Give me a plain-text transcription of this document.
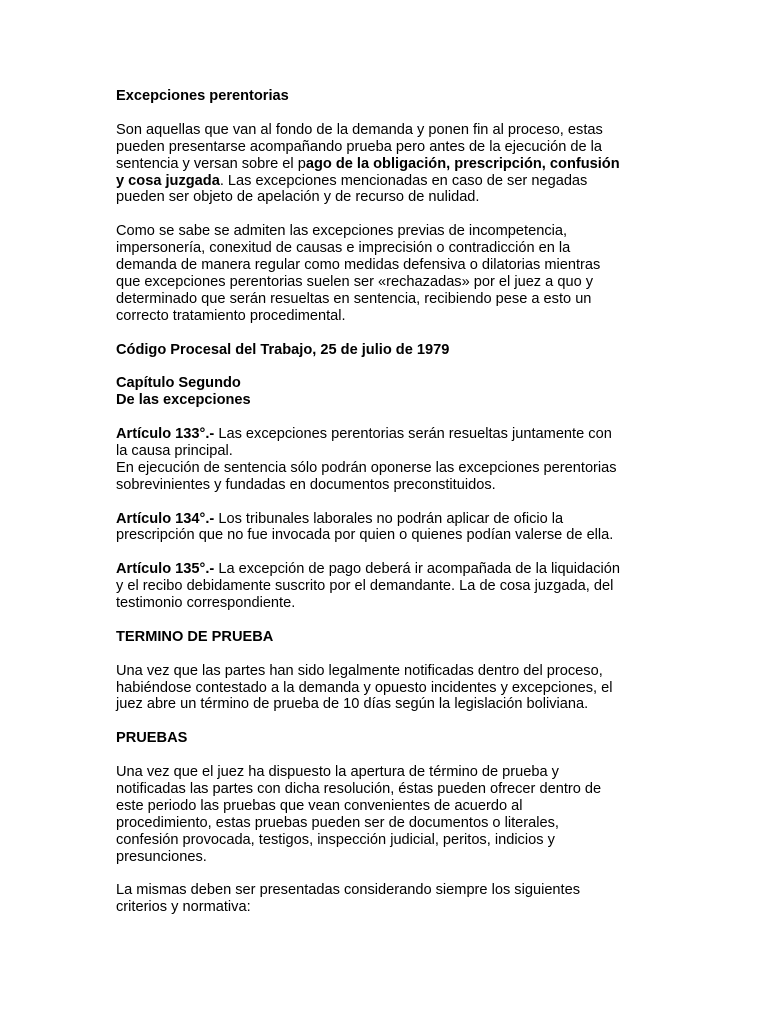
Excepciones perentorias
Son aquellas que van al fondo de la demanda y ponen fin al proceso, estas
pueden presentarse acompañando prueba pero antes de la ejecución de la
sentencia y versan sobre el pago de la obligación, prescripción, confusión
y cosa juzgada. Las excepciones mencionadas en caso de ser negadas
pueden ser objeto de apelación y de recurso de nulidad.
Como se sabe se admiten las excepciones previas de incompetencia,
impersonería, conexitud de causas e imprecisión o contradicción en la
demanda de manera regular como medidas defensiva o dilatorias mientras
que excepciones perentorias suelen ser «rechazadas» por el juez a quo y
determinado que serán resueltas en sentencia, recibiendo pese a esto un
correcto tratamiento procedimental.
Código Procesal del Trabajo, 25 de julio de 1979
Capítulo Segundo
De las excepciones
Artículo 133°.- Las excepciones perentorias serán resueltas juntamente con
la causa principal.
En ejecución de sentencia sólo podrán oponerse las excepciones perentorias
sobrevinientes y fundadas en documentos preconstituidos.
Artículo 134°.- Los tribunales laborales no podrán aplicar de oficio la
prescripción que no fue invocada por quien o quienes podían valerse de ella.
Artículo 135°.- La excepción de pago deberá ir acompañada de la liquidación
y el recibo debidamente suscrito por el demandante. La de cosa juzgada, del
testimonio correspondiente.
TERMINO DE PRUEBA
Una vez que las partes han sido legalmente notificadas dentro del proceso,
habiéndose contestado a la demanda y opuesto incidentes y excepciones, el
juez abre un término de prueba de 10 días según la legislación boliviana.
PRUEBAS
Una vez que el juez ha dispuesto la apertura de término de prueba y
notificadas las partes con dicha resolución, éstas pueden ofrecer dentro de
este periodo las pruebas que vean convenientes de acuerdo al
procedimiento, estas pruebas pueden ser de documentos o literales,
confesión provocada, testigos, inspección judicial, peritos, indicios y
presunciones.
La mismas deben ser presentadas considerando siempre los siguientes
criterios y normativa:
